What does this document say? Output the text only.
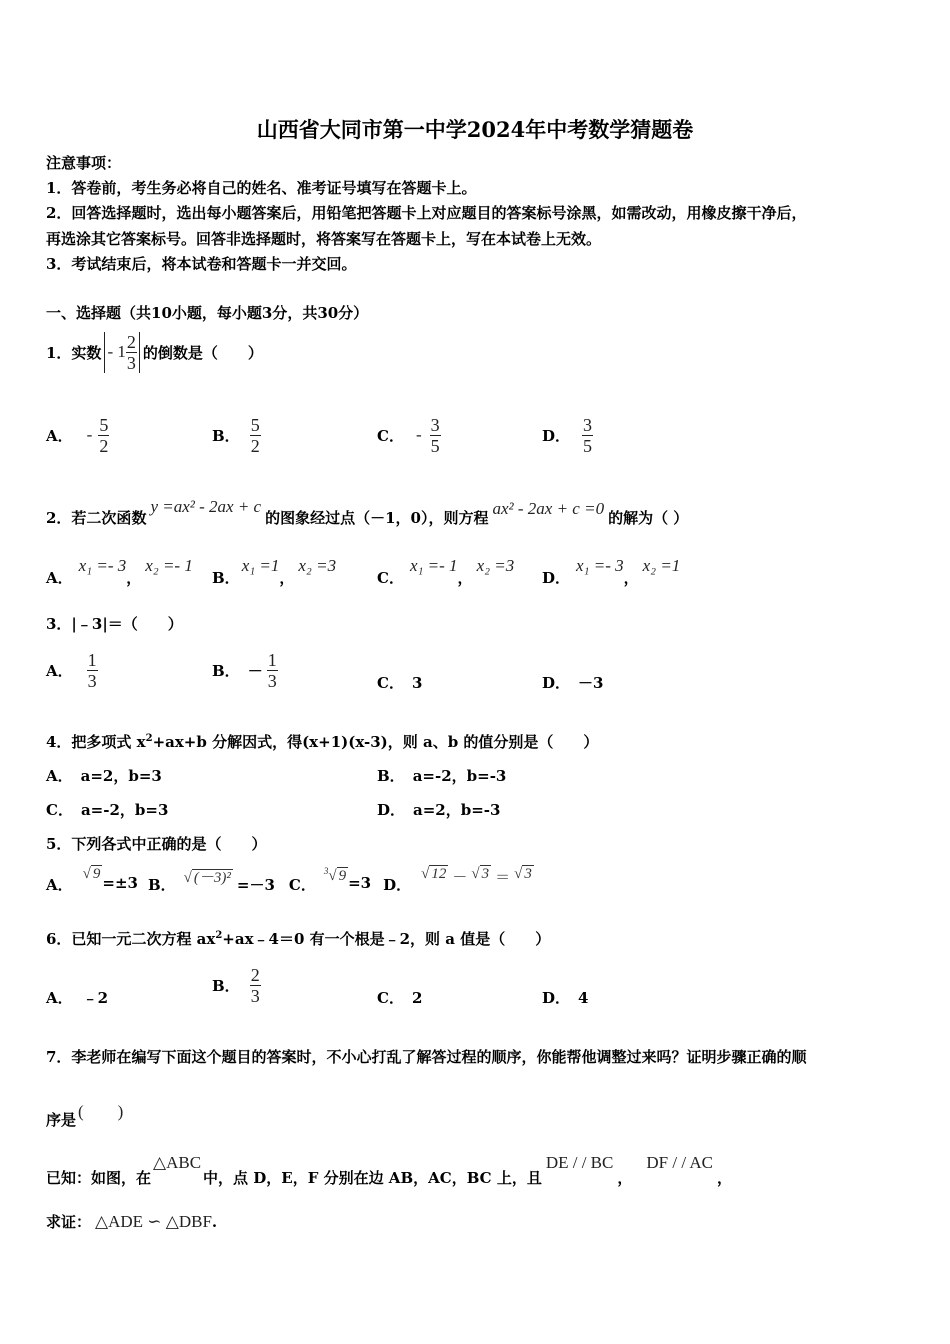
山西省大同市第一中学2024年中考数学猜题卷
注意事项：
1．答卷前，考生务必将自己的姓名、准考证号填写在答题卡上。
2．回答选择题时，选出每小题答案后，用铅笔把答题卡上对应题目的答案标号涂黑，如需改动，用橡皮擦干净后，
再选涂其它答案标号。回答非选择题时，将答案写在答题卡上，写在本试卷上无效。
3．考试结束后，将本试卷和答题卡一并交回。
一、选择题（共10小题，每小题3分，共30分）
1．实数 - $1 \frac{2}{3}$ 的倒数是（　　）
A． - $\frac{5}{2}$	B． $\frac{5}{2}$	C． - $\frac{3}{5}$	D． $\frac{3}{5}$
2．若二次函数
y =ax² - 2ax + c
的图象经过点（－1，0），则方程 ax² - 2ax + c =0 的解为（ ）
A．
x₁ =- 3
，
x₂ =- 1
B．
x₁ =1
，
x₂ =3
C．
x₁ =- 1
，
x₂ =3
D．
x₁ =- 3
，
x₂ =1
3．|﹣3|＝（　　）
A． $\frac{1}{3}$	B． － $\frac{1}{3}$	C． 3	D． －3
4．把多项式 $x^2+ax+b$ 分解因式，得(x+1)(x-3)，则 a、b 的值分别是（　　）
A． a=2，b=3	B． a=-2，b=-3
C． a=-2，b=3	D． a=2，b=-3
5．下列各式中正确的是（　　）
A．
√ 9 =±3 B． √ (－3)² =－3 C．
$^3$√ 9 =3 D．
√ 12 － √ 3 ＝ √ 3
6．已知一元二次方程 $ax^2+ax﹣4=0$ 有一个根是﹣2，则 a 值是（　　）
A． ﹣2
B． $\frac{2}{3}$	C． 2	D． 4
7．李老师在编写下面这个题目的答案时，不小心打乱了解答过程的顺序，你能帮他调整过来吗？证明步骤正确的顺
序是 (　　)
已知：如图，在
△ABC
中，点 D，E，F 分别在边 AB，AC，BC 上，且
DE / / BC
，
DF / / AC
，
求证： △ADE ∽ △DBF .
